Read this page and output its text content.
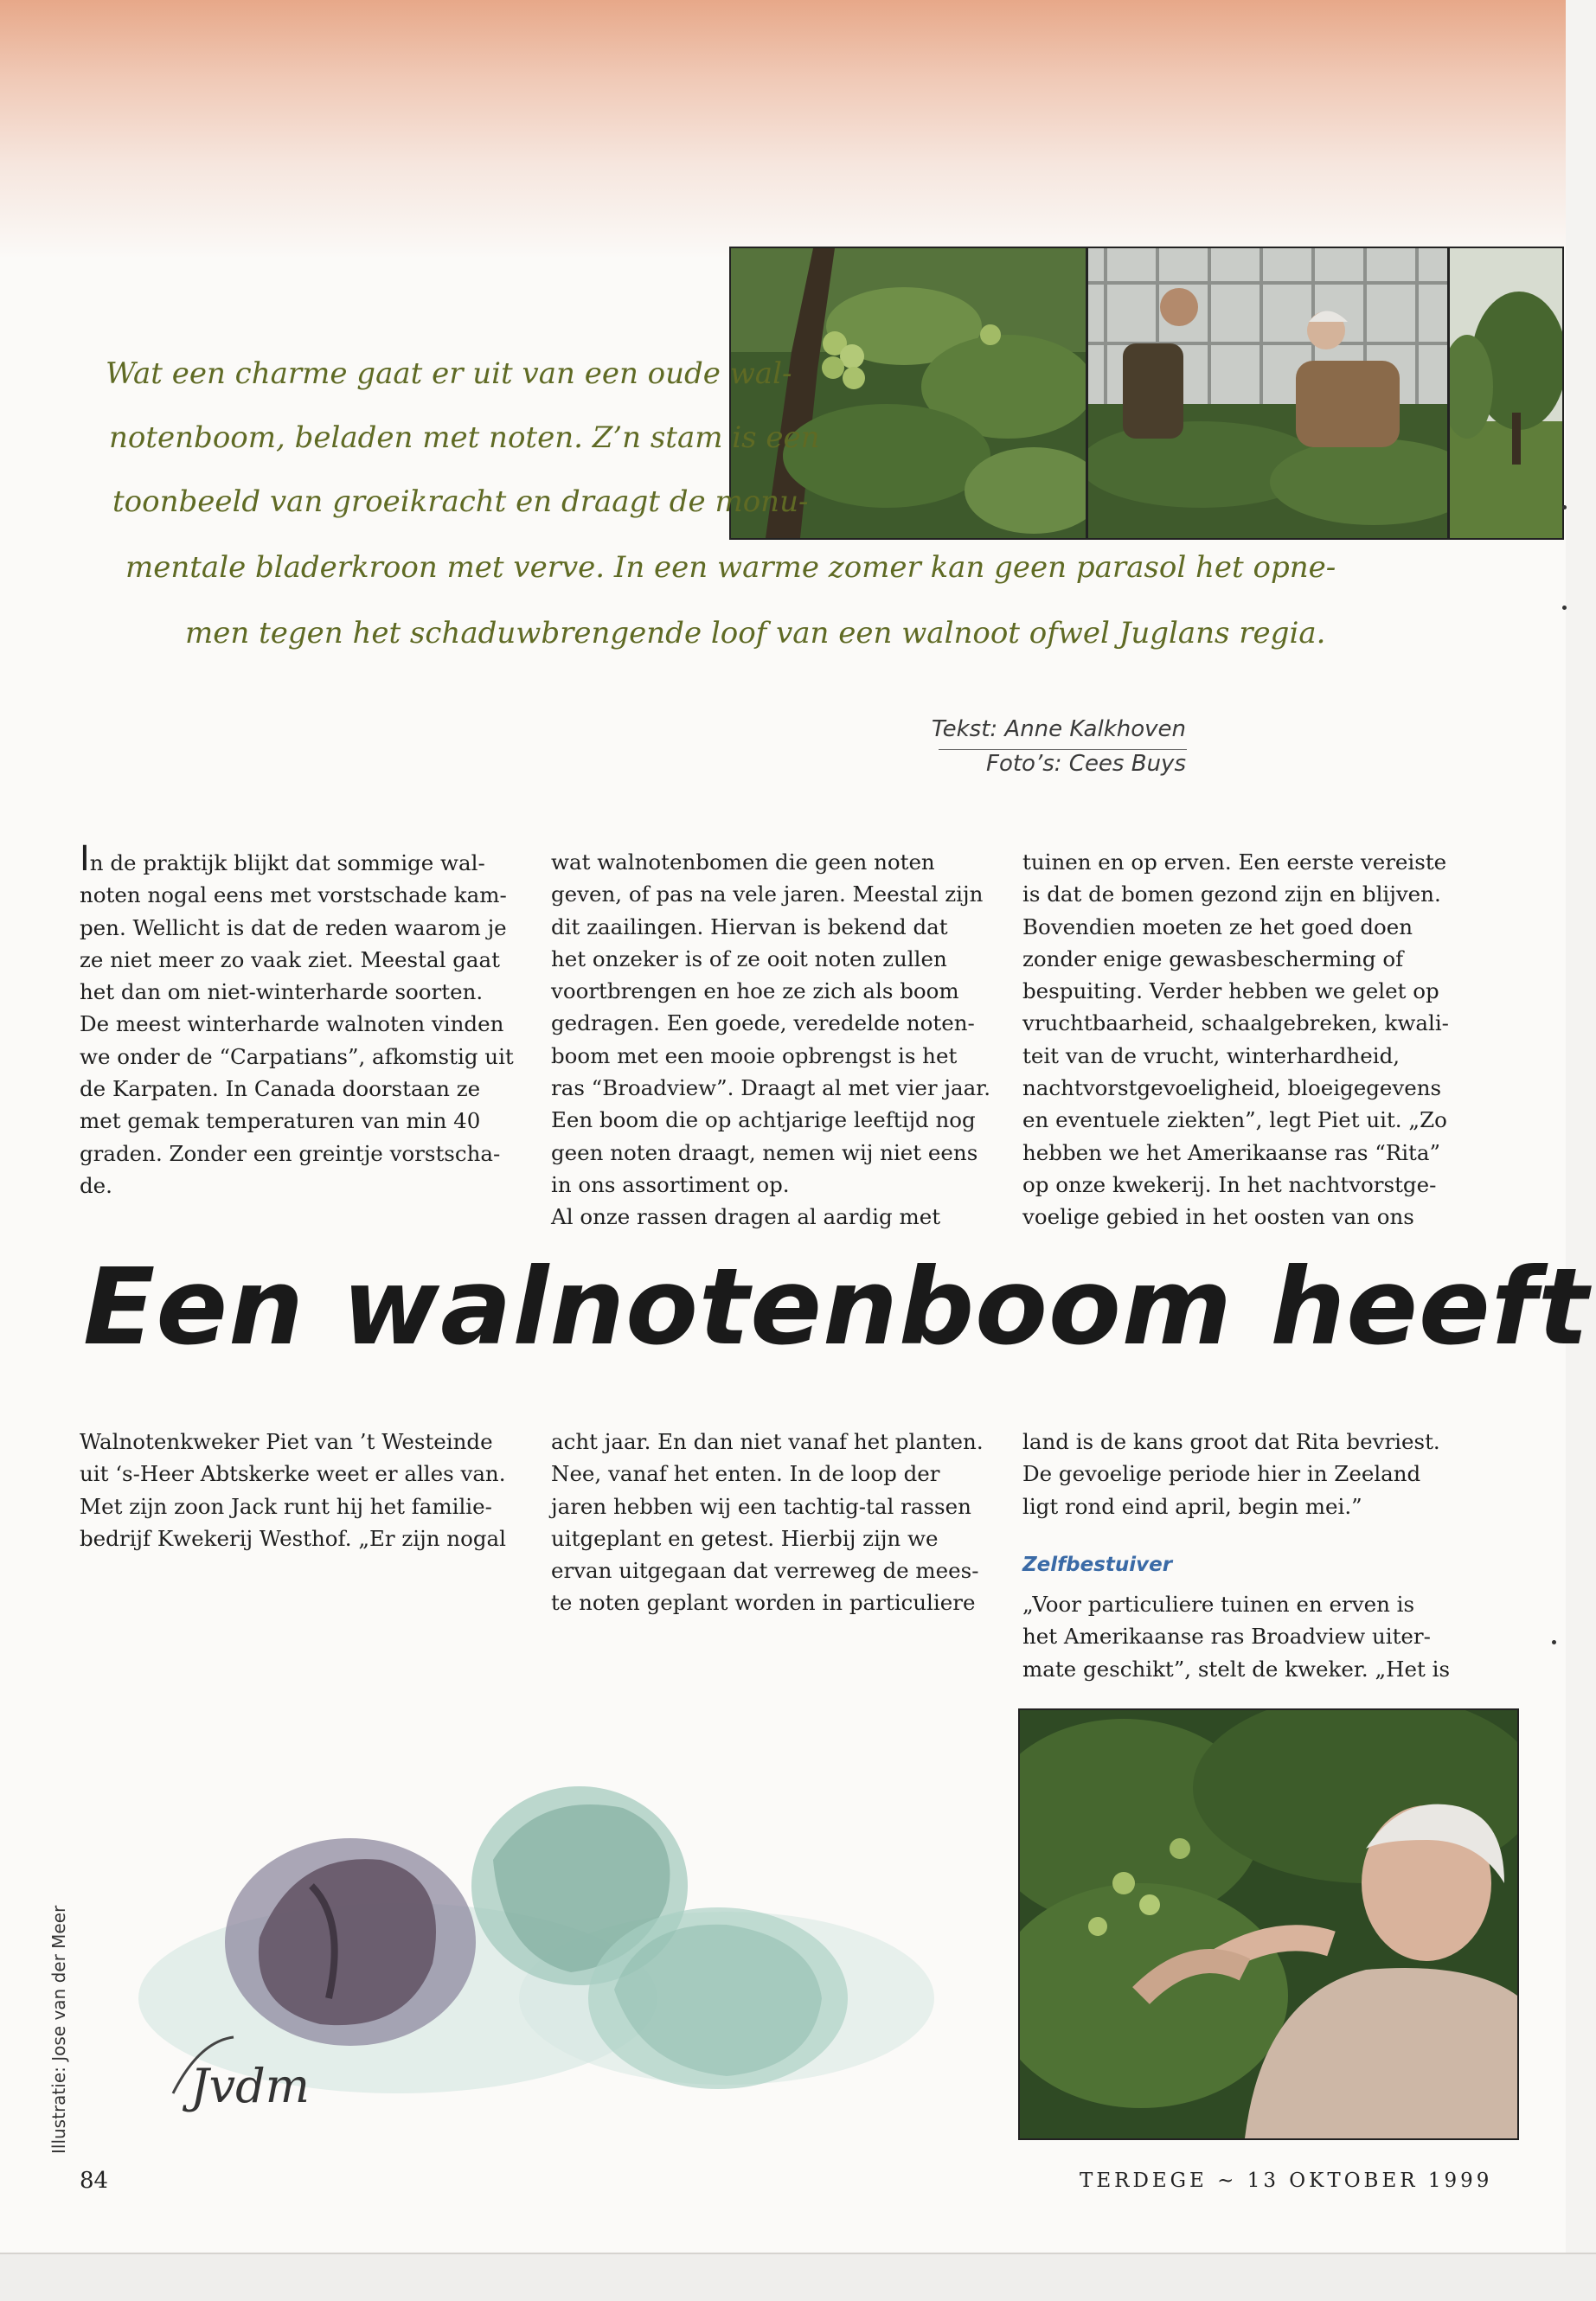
Wat een charme gaat er uit van een oude wal-
notenboom, beladen met noten. Z’n stam is een
toonbeeld van groeikracht en draagt de monu-
mentale bladerkroon met verve. In een warme zomer kan geen parasol het opne-
men tegen het schaduwbrengende loof van een walnoot ofwel Juglans regia.
Tekst: Anne Kalkhoven
Foto’s: Cees Buys

In de praktijk blijkt dat sommige wal-

noten nogal eens met vorstschade kam-

pen. Wellicht is dat de reden waarom je

ze niet meer zo vaak ziet. Meestal gaat

het dan om niet-winterharde soorten.

De meest winterharde walnoten vinden

we onder de “Carpatians”, afkomstig uit

de Karpaten. In Canada doorstaan ze

met gemak temperaturen van min 40

graden. Zonder een greintje vorstscha-

de.

wat walnotenbomen die geen noten

geven, of pas na vele jaren. Meestal zijn

dit zaailingen. Hiervan is bekend dat

het onzeker is of ze ooit noten zullen

voortbrengen en hoe ze zich als boom

gedragen. Een goede, veredelde noten-

boom met een mooie opbrengst is het

ras “Broadview”. Draagt al met vier jaar.

Een boom die op achtjarige leeftijd nog

geen noten draagt, nemen wij niet eens

in ons assortiment op.

Al onze rassen dragen al aardig met

tuinen en op erven. Een eerste vereiste

is dat de bomen gezond zijn en blijven.

Bovendien moeten ze het goed doen

zonder enige gewasbescherming of

bespuiting. Verder hebben we gelet op

vruchtbaarheid, schaalgebreken, kwali-

teit van de vrucht, winterhardheid,

nachtvorstgevoeligheid, bloeigegevens

en eventuele ziekten”, legt Piet uit. „Zo

hebben we het Amerikaanse ras “Rita”

op onze kwekerij. In het nachtvorstge-

voelige gebied in het oosten van ons

Een walnotenboom heeft

Walnotenkweker Piet van ’t Westeinde

uit ‘s-Heer Abtskerke weet er alles van.

Met zijn zoon Jack runt hij het familie-

bedrijf Kwekerij Westhof. „Er zijn nogal

acht jaar. En dan niet vanaf het planten.

Nee, vanaf het enten. In de loop der

jaren hebben wij een tachtig-tal rassen

uitgeplant en getest. Hierbij zijn we

ervan uitgegaan dat verreweg de mees-

te noten geplant worden in particuliere

land is de kans groot dat Rita bevriest.

De gevoelige periode hier in Zeeland

ligt rond eind april, begin mei.”

Zelfbestuiver

„Voor particuliere tuinen en erven is

het Amerikaanse ras Broadview uiter-

mate geschikt”, stelt de kweker. „Het is

Jvdm
Illustratie: Jose van der Meer
84	TERDEGE ~ 13 OKTOBER 1999
